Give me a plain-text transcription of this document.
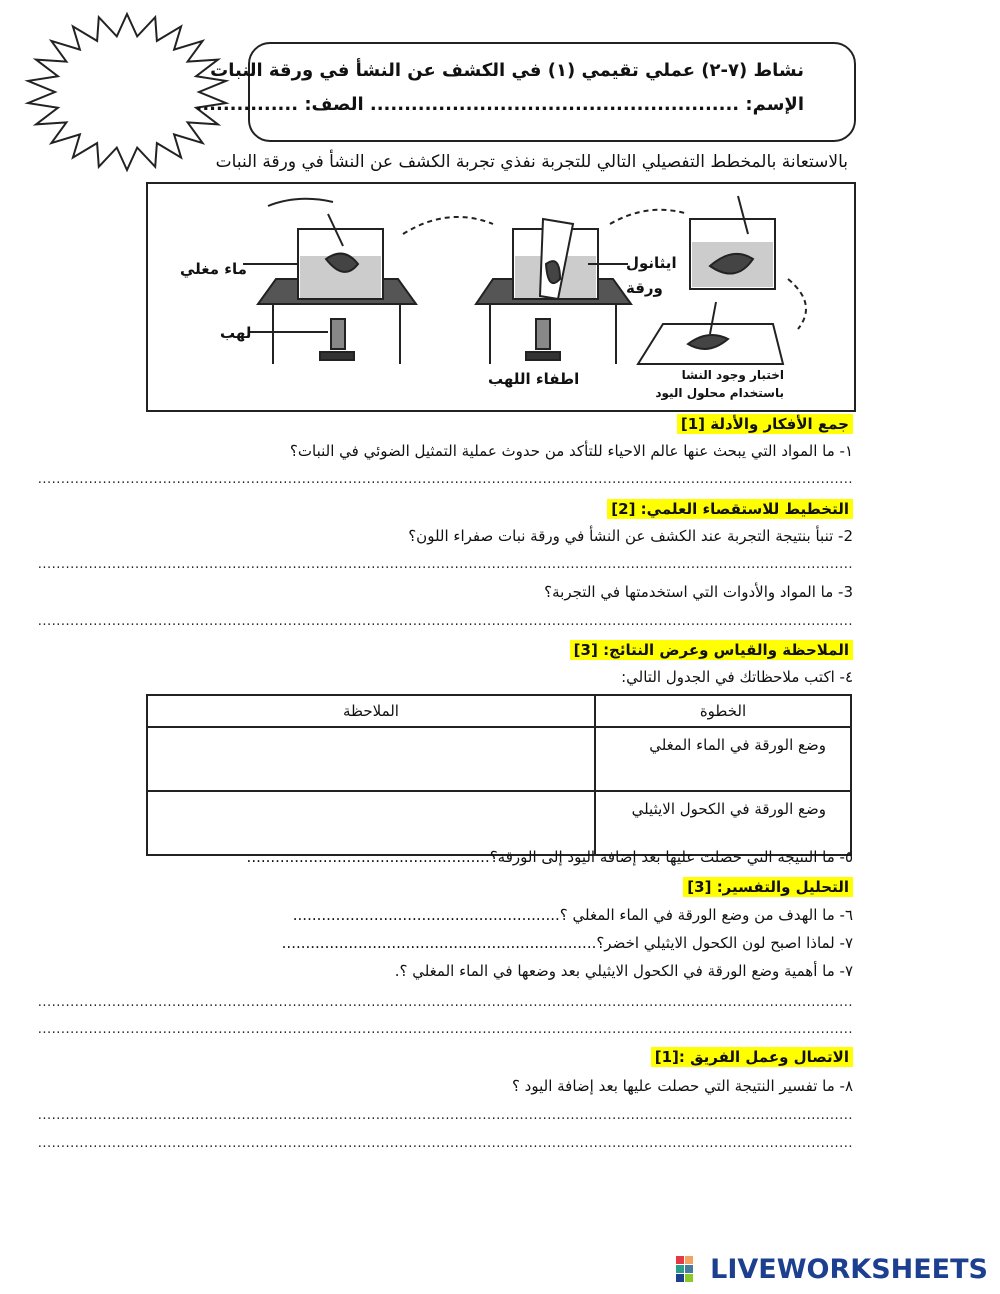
نشاط (٧-٢) عملي تقيمي (١) في الكشف عن النشأ في ورقة النبات
الإسم: ...................................................... الصف: ...............
بالاستعانة بالمخطط التفصيلي التالي للتجربة نفذي تجربة الكشف عن النشأ في ورقة النبات
ماء مغلي
لهب
اطفاء اللهب
ايثانول
ورقة
اختبار وجود النشا
باستخدام محلول اليود
جمع الأفكار والأدلة [1]
١- ما المواد التي يبحث عنها عالم الاحياء للتأكد من حدوث عملية التمثيل الضوئي في النبات؟
................................................................................................................................................................................
التخطيط للاستقصاء العلمي: [2]
2- تنبأ بنتيجة التجربة عند الكشف عن النشأ في ورقة نبات صفراء اللون؟
................................................................................................................................................................................
3- ما المواد والأدوات التي استخدمتها في التجربة؟
................................................................................................................................................................................
الملاحظة والقياس وعرض النتائج: [3]
٤- اكتب ملاحظاتك في الجدول التالي:
الخطوة	الملاحظة
وضع الورقة في الماء المغلي	
وضع الورقة في الكحول الايثيلي	
٥- ما النتيجة التي حصلت عليها بعد إضافة اليود إلى الورقة؟...................................................
التحليل والتفسير: [3]
٦- ما الهدف من وضع الورقة في الماء المغلي ؟........................................................
٧- لماذا اصبح لون الكحول الايثيلي اخضر؟..................................................................
٧- ما أهمية وضع الورقة في الكحول الايثيلي بعد وضعها في الماء المغلي ؟.
................................................................................................................................................................................
................................................................................................................................................................................
الاتصال وعمل الفريق :[1]
٨- ما تفسير النتيجة التي حصلت عليها بعد إضافة اليود ؟
................................................................................................................................................................................
................................................................................................................................................................................
LIVEWORKSHEETS
